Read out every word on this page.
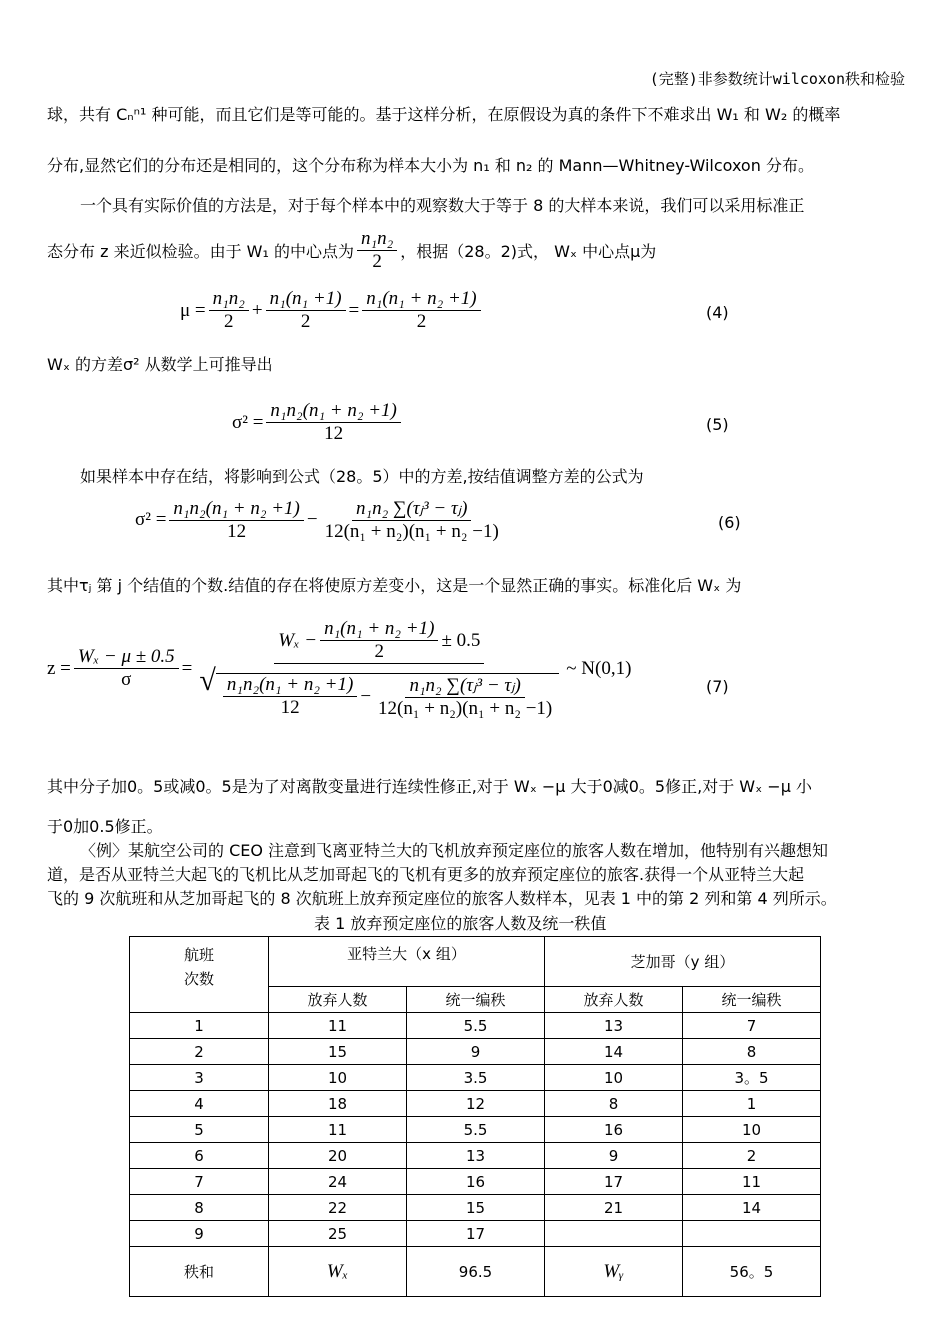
(完整)非参数统计wilcoxon秩和检验
球，共有 Cₙⁿ¹ 种可能，而且它们是等可能的。基于这样分析，在原假设为真的条件下不难求出 W₁ 和 W₂ 的概率
分布,显然它们的分布还是相同的，这个分布称为样本大小为 n₁ 和 n₂ 的 Mann—Whitney-Wilcoxon 分布。
一个具有实际价值的方法是，对于每个样本中的观察数大于等于 8 的大样本来说，我们可以采用标准正
态分布 z 来近似检验。由于 W₁ 的中心点为 $\frac{\text{n₁n₂}}{2}$ ，根据（28。2)式， Wₓ 中心点μ为
$\mu = \frac{\text{n₁n₂}}{2} + \frac{\text{n₁(n₁ +1)}}{2} = \frac{\text{n₁(n₁ + n₂ +1)}}{2}$	(4)
Wₓ 的方差σ² 从数学上可推导出
$\sigma^2 = \frac{\text{n₁n₂(n₁ + n₂ +1)}}{12}$	(5)
如果样本中存在结，将影响到公式（28。5）中的方差,按结值调整方差的公式为
$\sigma^2 = \frac{\text{n₁n₂(n₁ + n₂ +1)}}{12} - \frac{\text{n₁n₂ ∑(τⱼ³ − τⱼ)}}{\text{12(n₁ + n₂)(n₁ + n₂ −1)}}$	(6)
其中τⱼ 第 j 个结值的个数.结值的存在将使原方差变小，这是一个显然正确的事实。标准化后 Wₓ 为
$z = \frac{\text{Wₓ − μ ± 0.5}}{\sigma}$ =
$W_x - \frac{\text{n₁(n₁ + n₂ +1)}}{2} \pm 0.5$
√ $\frac{\text{n₁n₂(n₁ + n₂ +1)}}{12} - \frac{\text{n₁n₂ ∑(τⱼ³ − τⱼ)}}{\text{12(n₁ + n₂)(n₁ + n₂ −1)}}$
~ N(0,1)
(7)
其中分子加0。5或减0。5是为了对离散变量进行连续性修正,对于 Wₓ −μ 大于0减0。5修正,对于 Wₓ −μ 小
于0加0.5修正。
〈例〉某航空公司的 CEO 注意到飞离亚特兰大的飞机放弃预定座位的旅客人数在增加，他特别有兴趣想知
道，是否从亚特兰大起飞的飞机比从芝加哥起飞的飞机有更多的放弃预定座位的旅客.获得一个从亚特兰大起
飞的 9 次航班和从芝加哥起飞的 8 次航班上放弃预定座位的旅客人数样本，见表 1 中的第 2 列和第 4 列所示。
表 1 放弃预定座位的旅客人数及统一秩值
航班
次数	亚特兰大（x 组）		芝加哥（y 组）	
	放弃人数	统一编秩	放弃人数	统一编秩
1	11	5.5	13	7
2	15	9	14	8
3	10	3.5	10	3。5
4	18	12	8	1
5	11	5.5	16	10
6	20	13	9	2
7	24	16	17	11
8	22	15	21	14
9	25	17		
秩和	Wₓ	96.5	Wᵧ	56。5
